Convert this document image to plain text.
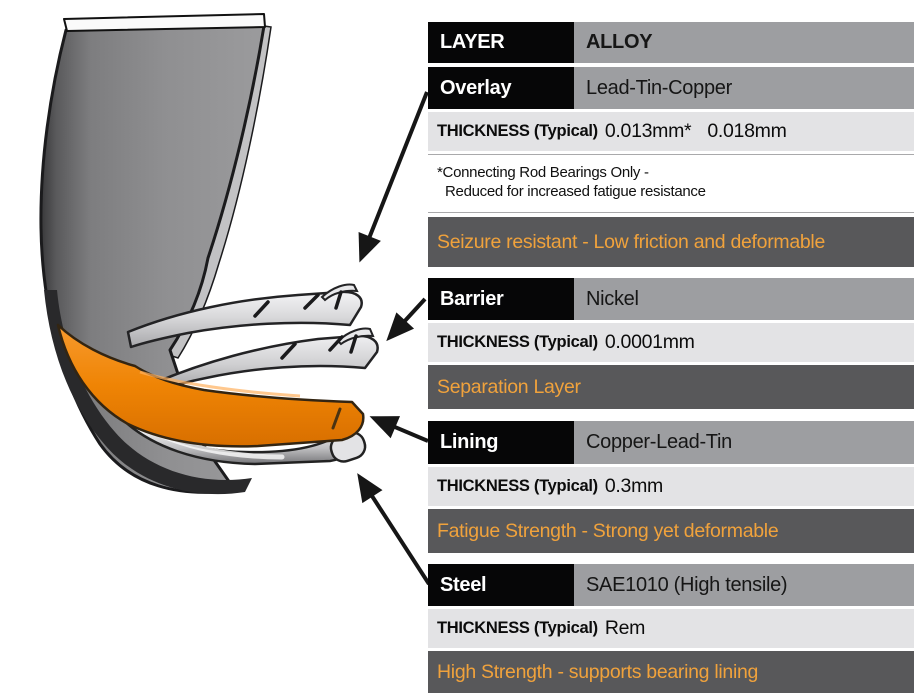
LAYER	ALLOY
Overlay	Lead-Tin-Copper
THICKNESS (Typical) 0.013mm* 0.018mm
*Connecting Rod Bearings Only -
Reduced for increased fatigue resistance
Seizure resistant - Low friction and deformable
Barrier	Nickel
THICKNESS (Typical) 0.0001mm
Separation Layer
Lining	Copper-Lead-Tin
THICKNESS (Typical) 0.3mm
Fatigue Strength - Strong yet deformable
Steel	SAE1010 (High tensile)
THICKNESS (Typical) Rem
High Strength - supports bearing lining
